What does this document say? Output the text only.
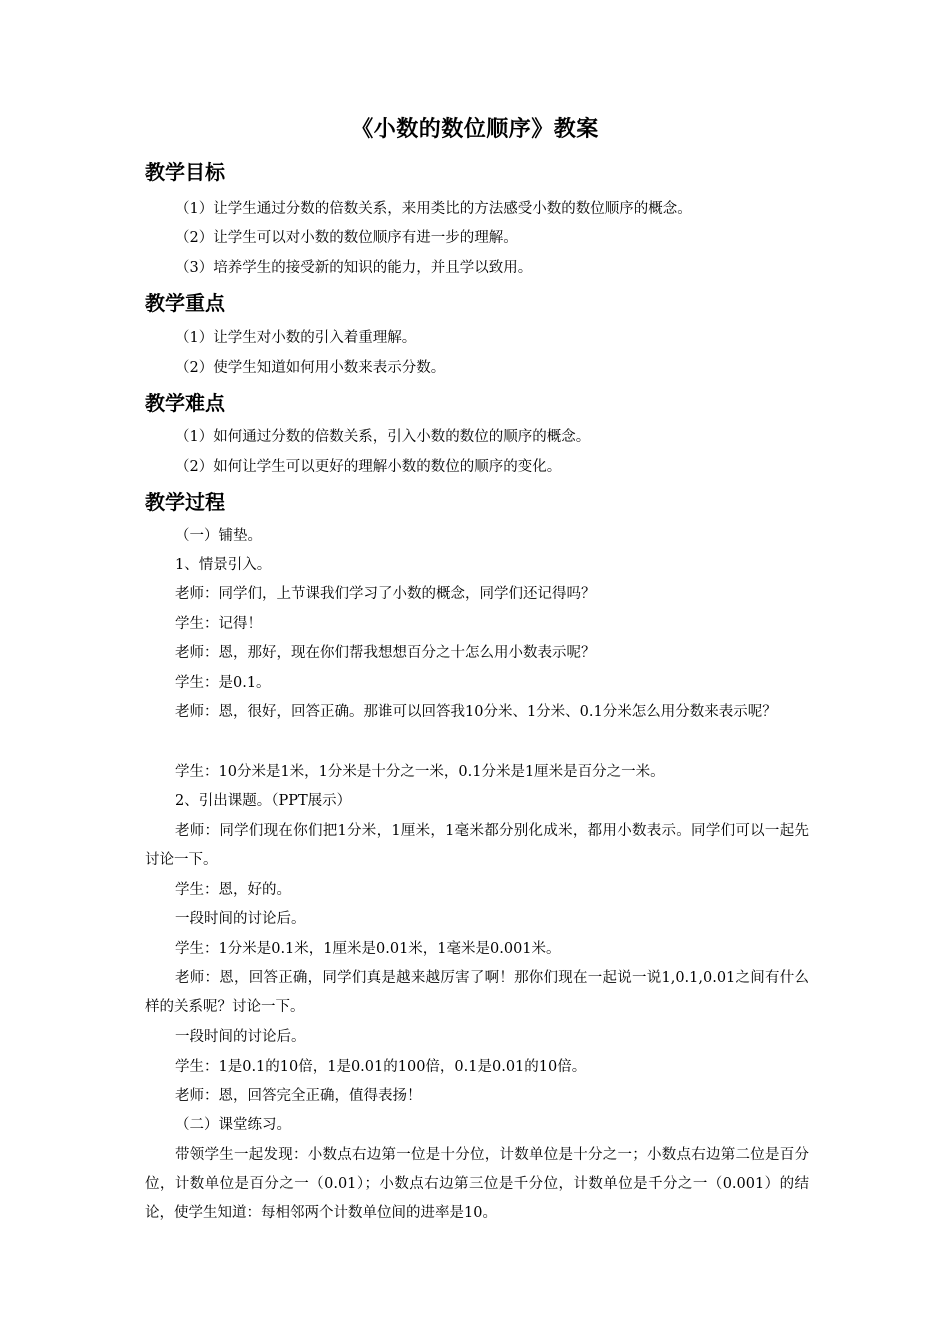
《小数的数位顺序》教案
教学目标

（1）让学生通过分数的倍数关系，来用类比的方法感受小数的数位顺序的概念。

（2）让学生可以对小数的数位顺序有进一步的理解。

（3）培养学生的接受新的知识的能力，并且学以致用。

教学重点

（1）让学生对小数的引入着重理解。

（2）使学生知道如何用小数来表示分数。

教学难点

（1）如何通过分数的倍数关系，引入小数的数位的顺序的概念。

（2）如何让学生可以更好的理解小数的数位的顺序的变化。

教学过程

（一）铺垫。

1、情景引入。

老师：同学们，上节课我们学习了小数的概念，同学们还记得吗？

学生：记得！

老师：恩，那好，现在你们帮我想想百分之十怎么用小数表示呢？

学生：是0.1。

老师：恩，很好，回答正确。那谁可以回答我10分米、1分米、0.1分米怎么用分数来表示呢？

学生：10分米是1米，1分米是十分之一米，0.1分米是1厘米是百分之一米。

2、引出课题。（PPT展示）

老师：同学们现在你们把1分米，1厘米，1毫米都分别化成米，都用小数表示。同学们可以一起先讨论一下。

学生：恩，好的。

一段时间的讨论后。

学生：1分米是0.1米，1厘米是0.01米，1毫米是0.001米。

老师：恩，回答正确，同学们真是越来越厉害了啊！那你们现在一起说一说1,0.1,0.01之间有什么样的关系呢？讨论一下。

一段时间的讨论后。

学生：1是0.1的10倍，1是0.01的100倍，0.1是0.01的10倍。

老师：恩，回答完全正确，值得表扬！

（二）课堂练习。

带领学生一起发现：小数点右边第一位是十分位，计数单位是十分之一；小数点右边第二位是百分位，计数单位是百分之一（0.01）；小数点右边第三位是千分位，计数单位是千分之一（0.001）的结论，使学生知道：每相邻两个计数单位间的进率是10。
